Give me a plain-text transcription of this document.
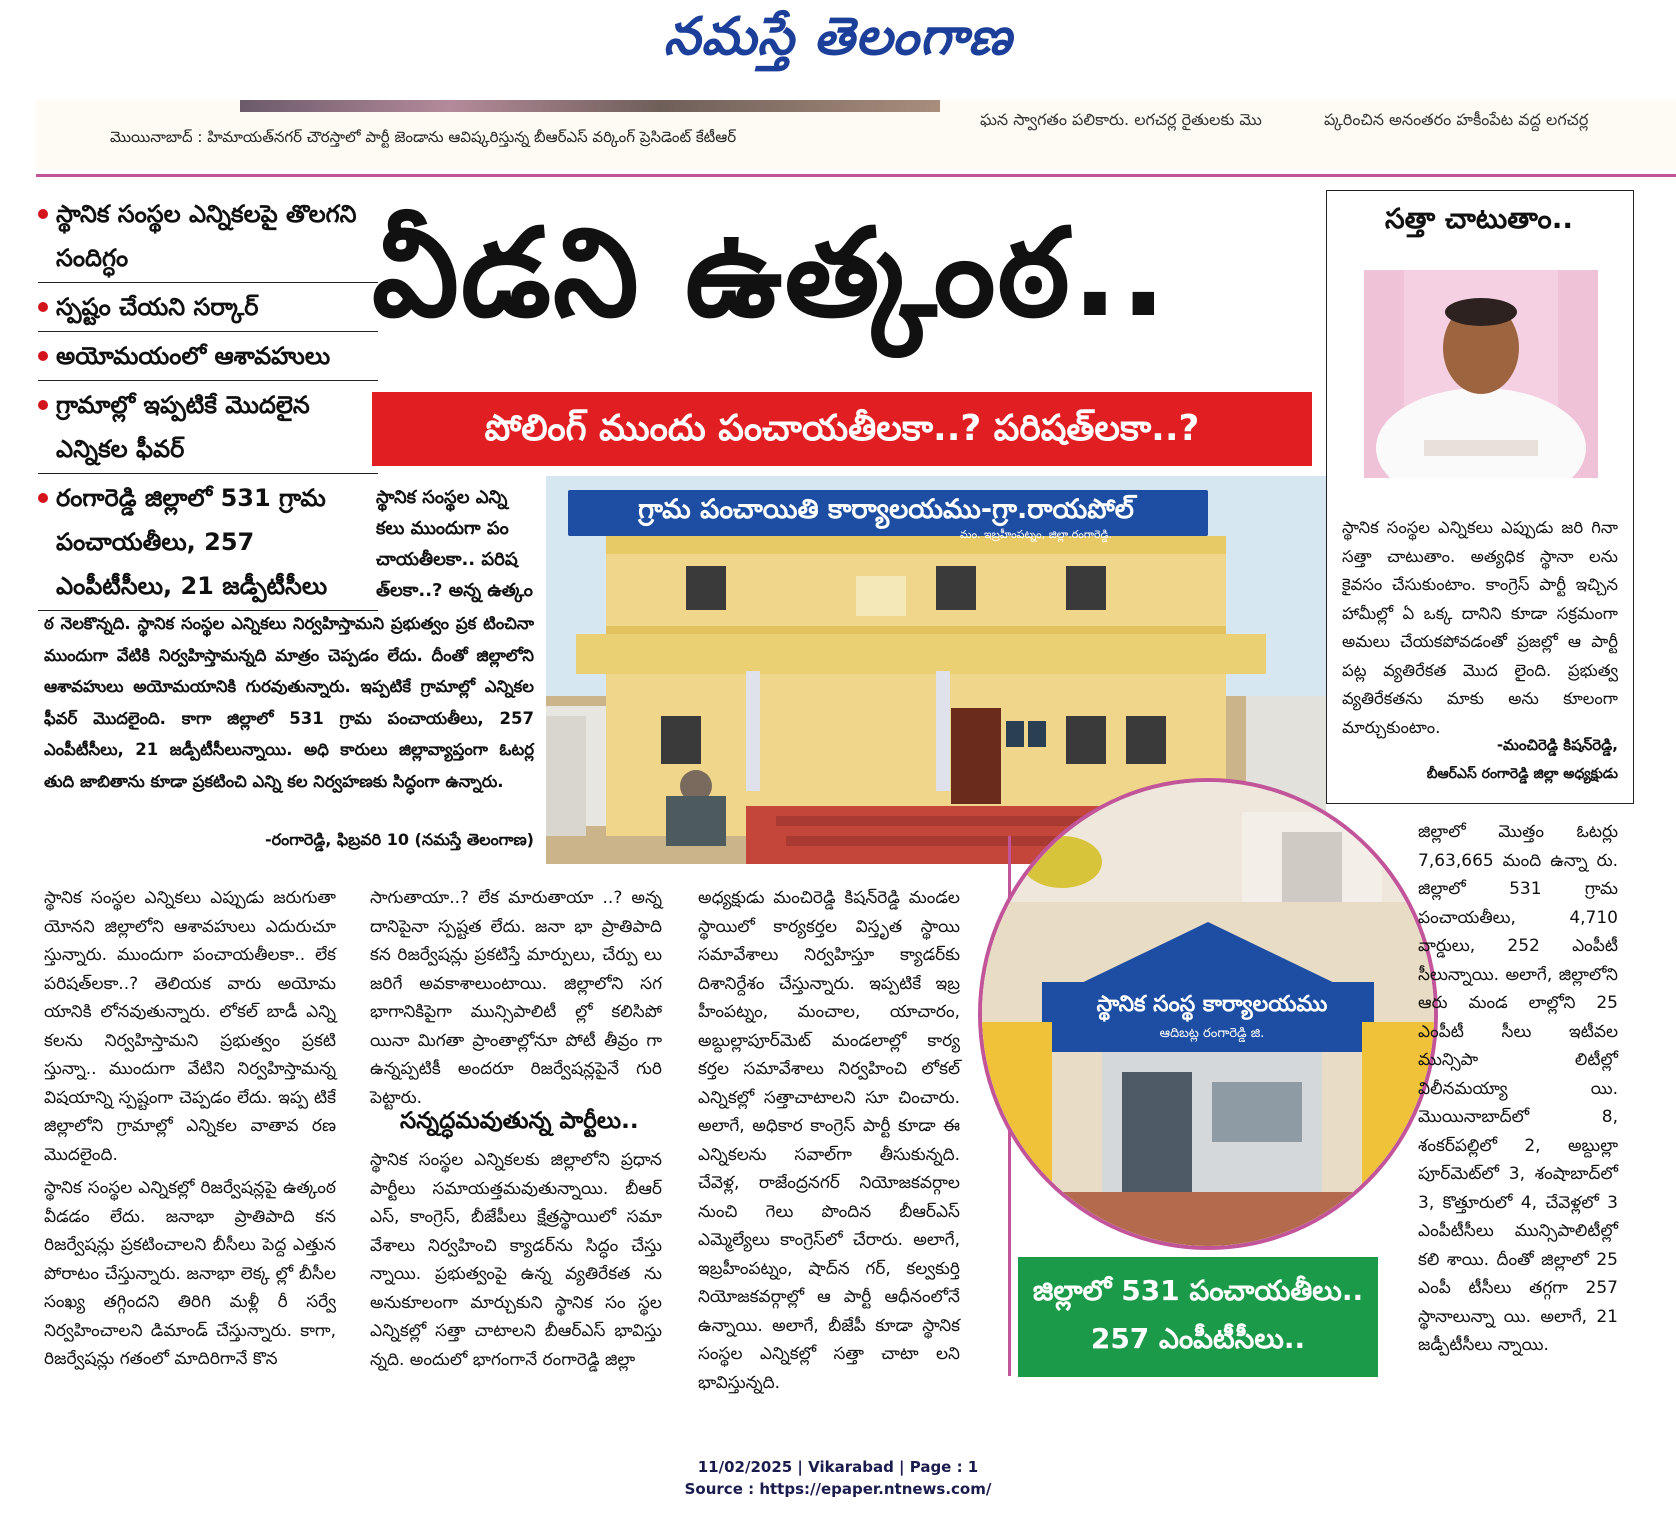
నమస్తే తెలంగాణ
మొయినాబాద్ : హిమాయత్‌నగర్ చౌరస్తాలో పార్టీ జెండాను ఆవిష్కరిస్తున్న బీఆర్‌ఎస్ వర్కింగ్ ప్రెసిడెంట్ కేటీఆర్
ఘన స్వాగతం పలికారు. లగచర్ల రైతులకు మొ	ప్కరించిన అనంతరం హకీంపేట వద్ద లగచర్ల
స్థానిక సంస్థల ఎన్నికలపై తొలగని సందిగ్ధం
స్పష్టం చేయని సర్కార్
అయోమయంలో ఆశావహులు
గ్రామాల్లో ఇప్పటికే మొదలైన ఎన్నికల ఫీవర్
రంగారెడ్డి జిల్లాలో 531 గ్రామ పంచాయతీలు, 257 ఎంపీటీసీలు, 21 జడ్పీటీసీలు
వీడని ఉత్కంఠ..
పోలింగ్ ముందు పంచాయతీలకా..? పరిషత్‌లకా..?
స్థానిక సంస్థల ఎన్ని కలు ముందుగా పం చాయతీలకా.. పరిష త్‌లకా..? అన్న ఉత్కం
ఠ నెలకొన్నది. స్థానిక సంస్థల ఎన్నికలు నిర్వహిస్తామని ప్రభుత్వం ప్రక టించినా ముందుగా వేటికి నిర్వహిస్తామన్నది మాత్రం చెప్పడం లేదు. దీంతో జిల్లాలోని ఆశావహులు అయోమయానికి గురవుతున్నారు. ఇప్పటికే గ్రామాల్లో ఎన్నికల ఫీవర్ మొదలైంది. కాగా జిల్లాలో 531 గ్రామ పంచాయతీలు, 257 ఎంపీటీసీలు, 21 జడ్పీటీసీలున్నాయి. అధి కారులు జిల్లావ్యాప్తంగా ఓటర్ల తుది జాబితాను కూడా ప్రకటించి ఎన్ని కల నిర్వహణకు సిద్ధంగా ఉన్నారు.
-రంగారెడ్డి, ఫిబ్రవరి 10 (నమస్తే తెలంగాణ)
గ్రామ పంచాయితి కార్యాలయము-గ్రా.రాయపోల్
మం. ఇబ్రహీంపట్నం, జిల్లా.రంగారెడ్డి.
సత్తా చాటుతాం..
స్థానిక సంస్థల ఎన్నికలు ఎప్పుడు జరి గినా సత్తా చాటుతాం. అత్యధిక స్థానా లను కైవసం చేసుకుంటాం. కాంగ్రెస్ పార్టీ ఇచ్చిన హామీల్లో ఏ ఒక్క దానిని కూడా సక్రమంగా అమలు చేయకపోవడంతో ప్రజల్లో ఆ పార్టీ పట్ల వ్యతిరేకత మొద లైంది. ప్రభుత్వ వ్యతిరేకతను మాకు అను కూలంగా మార్చుకుంటాం.
-మంచిరెడ్డి కిషన్‌రెడ్డి,
బీఆర్‌ఎస్ రంగారెడ్డి జిల్లా అధ్యక్షుడు
స్థానిక సంస్థల ఎన్నికలు ఎప్పుడు జరుగుతా యోనని జిల్లాలోని ఆశావహులు ఎదురుచూ స్తున్నారు. ముందుగా పంచాయతీలకా.. లేక పరిషత్‌లకా..? తెలియక వారు అయోమ యానికి లోనవుతున్నారు. లోకల్ బాడీ ఎన్ని కలను నిర్వహిస్తామని ప్రభుత్వం ప్రకటి స్తున్నా.. ముందుగా వేటిని నిర్వహిస్తామన్న విషయాన్ని స్పష్టంగా చెప్పడం లేదు. ఇప్ప టికే జిల్లాలోని గ్రామాల్లో ఎన్నికల వాతావ రణ మొదలైంది.
స్థానిక సంస్థల ఎన్నికల్లో రిజర్వేషన్లపై ఉత్కంఠ వీడడం లేదు. జనాభా ప్రాతిపాది కన రిజర్వేషన్లు ప్రకటించాలని బీసీలు పెద్ద ఎత్తున పోరాటం చేస్తున్నారు. జనాభా లెక్క ల్లో బీసీల సంఖ్య తగ్గిందని తిరిగి మళ్లీ రీ సర్వే నిర్వహించాలని డిమాండ్ చేస్తున్నారు. కాగా, రిజర్వేషన్లు గతంలో మాదిరిగానే కొన
సాగుతాయా..? లేక మారుతాయా ..? అన్న దానిపైనా స్పష్టత లేదు. జనా భా ప్రాతిపాది కన రిజర్వేషన్లు ప్రకటిస్తే మార్పులు, చేర్పు లు జరిగే అవకాశాలుంటాయి. జిల్లాలోని సగ భాగానికిపైగా మున్సిపాలిటీ ల్లో కలిసిపో యినా మిగతా ప్రాంతాల్లోనూ పోటీ తీవ్రం గా ఉన్నప్పటికీ అందరూ రిజర్వేషన్లపైనే గురి పెట్టారు.
సన్నద్ధమవుతున్న పార్టీలు..
స్థానిక సంస్థల ఎన్నికలకు జిల్లాలోని ప్రధాన పార్టీలు సమాయత్తమవుతున్నాయి. బీఆర్ ఎస్, కాంగ్రెస్, బీజేపీలు క్షేత్రస్థాయిలో సమా వేశాలు నిర్వహించి క్యాడర్‌ను సిద్ధం చేస్తు న్నాయి. ప్రభుత్వంపై ఉన్న వ్యతిరేకత ను అనుకూలంగా మార్చుకుని స్థానిక సం స్థల ఎన్నికల్లో సత్తా చాటాలని బీఆర్‌ఎస్ భావిస్తు న్నది. అందులో భాగంగానే రంగారెడ్డి జిల్లా
అధ్యక్షుడు మంచిరెడ్డి కిషన్‌రెడ్డి మండల స్థాయిలో కార్యకర్తల విస్తృత స్థాయి సమావేశాలు నిర్వహిస్తూ క్యాడర్‌కు దిశానిర్దేశం చేస్తున్నారు. ఇప్పటికే ఇబ్ర హీంపట్నం, మంచాల, యాచారం, అబ్దుల్లాపూర్‌మెట్ మండలాల్లో కార్య కర్తల సమావేశాలు నిర్వహించి లోకల్ ఎన్నికల్లో సత్తాచాటాలని సూ చించారు. అలాగే, అధికార కాంగ్రెస్ పార్టీ కూడా ఈ ఎన్నికలను సవాల్‌గా తీసుకున్నది. చేవెళ్ల, రాజేంద్రనగర్ నియోజకవర్గాల నుంచి గెలు పొందిన బీఆర్‌ఎస్ ఎమ్మెల్యేలు కాంగ్రెస్‌లో చేరారు. అలాగే, ఇబ్రహీంపట్నం, షాద్‌న గర్, కల్వకుర్తి నియోజకవర్గాల్లో ఆ పార్టీ ఆధీనంలోనే ఉన్నాయి. అలాగే, బీజేపీ కూడా స్థానిక సంస్థల ఎన్నికల్లో సత్తా చాటా లని భావిస్తున్నది.
స్థానిక సంస్థ కార్యాలయము
ఆదిబట్ల రంగారెడ్డి జి.
జిల్లాలో మొత్తం ఓటర్లు 7,63,665 మంది ఉన్నా రు. జిల్లాలో 531 గ్రామ పంచాయతీలు, 4,710 వార్డులు, 252 ఎంపీటీ సీలున్నాయి. అలాగే, జిల్లాలోని ఆరు మండ లాల్లోని 25 ఎంపీటీ సీలు ఇటీవల మున్సిపా లిటీల్లో విలీనమయ్యా యి. మొయినాబాద్‌లో 8, శంకర్‌పల్లిలో 2, అబ్దుల్లా పూర్‌మెట్‌లో 3, శంషాబాద్‌లో 3, కొత్తూరులో 4, చేవెళ్లలో 3 ఎంపీటీసీలు మున్సిపాలిటీల్లో కలి శాయి. దీంతో జిల్లాలో 25 ఎంపీ టీసీలు తగ్గగా 257 స్థానాలున్నా యి. అలాగే, 21 జడ్పీటీసీలు న్నాయి.
జిల్లాలో 531 పంచాయతీలు..
257 ఎంపీటీసీలు..
11/02/2025 | Vikarabad | Page : 1
Source : https://epaper.ntnews.com/
